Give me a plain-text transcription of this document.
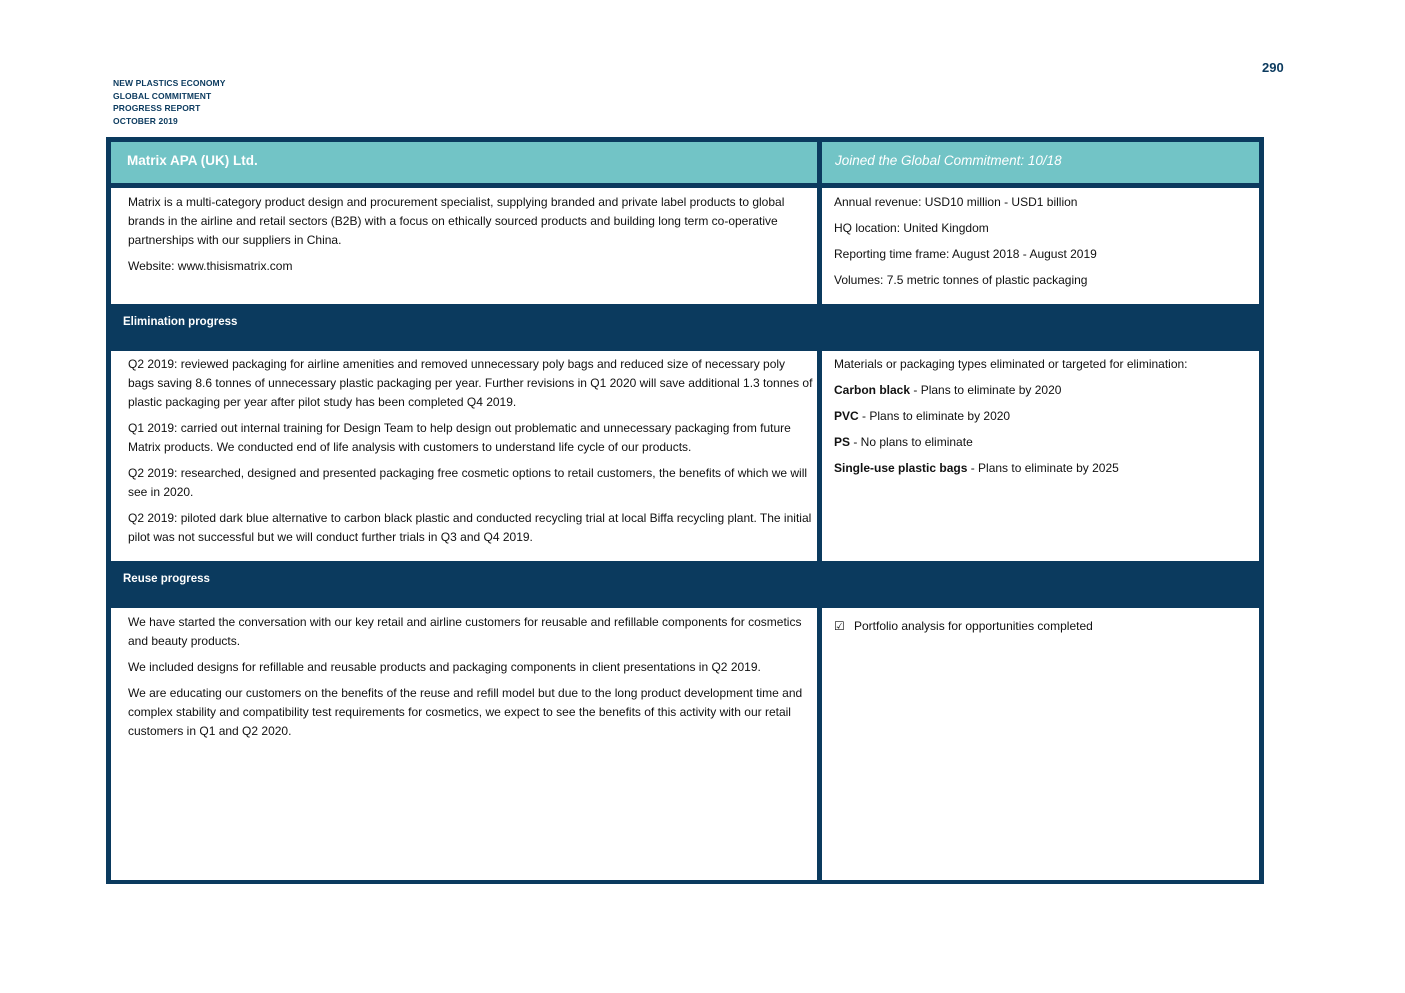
NEW PLASTICS ECONOMY
GLOBAL COMMITMENT
PROGRESS REPORT
OCTOBER 2019
290
Matrix APA (UK) Ltd.	Joined the Global Commitment: 10/18

Matrix is a multi-category product design and procurement specialist, supplying branded and private label products to global brands in the airline and retail sectors (B2B) with a focus on ethically sourced products and building long term co-operative partnerships with our suppliers in China.

Website: www.thisismatrix.com

Annual revenue: USD10 million - USD1 billion

HQ location: United Kingdom

Reporting time frame: August 2018 - August 2019

Volumes: 7.5 metric tonnes of plastic packaging

Elimination progress

Q2 2019: reviewed packaging for airline amenities and removed unnecessary poly bags and reduced size of necessary poly bags saving 8.6 tonnes of unnecessary plastic packaging per year. Further revisions in Q1 2020 will save additional 1.3 tonnes of plastic packaging per year after pilot study has been completed Q4 2019.

Q1 2019: carried out internal training for Design Team to help design out problematic and unnecessary packaging from future Matrix products. We conducted end of life analysis with customers to understand life cycle of our products.

Q2 2019: researched, designed and presented packaging free cosmetic options to retail customers, the benefits of which we will see in 2020.

Q2 2019: piloted dark blue alternative to carbon black plastic and conducted recycling trial at local Biffa recycling plant. The initial pilot was not successful but we will conduct further trials in Q3 and Q4 2019.

Materials or packaging types eliminated or targeted for elimination:

Carbon black - Plans to eliminate by 2020

PVC - Plans to eliminate by 2020

PS - No plans to eliminate

Single-use plastic bags - Plans to eliminate by 2025

Reuse progress

We have started the conversation with our key retail and airline customers for reusable and refillable components for cosmetics and beauty products.

We included designs for refillable and reusable products and packaging components in client presentations in Q2 2019.

We are educating our customers on the benefits of the reuse and refill model but due to the long product development time and complex stability and compatibility test requirements for cosmetics, we expect to see the benefits of this activity with our retail customers in Q1 and Q2 2020.

☑ Portfolio analysis for opportunities completed
